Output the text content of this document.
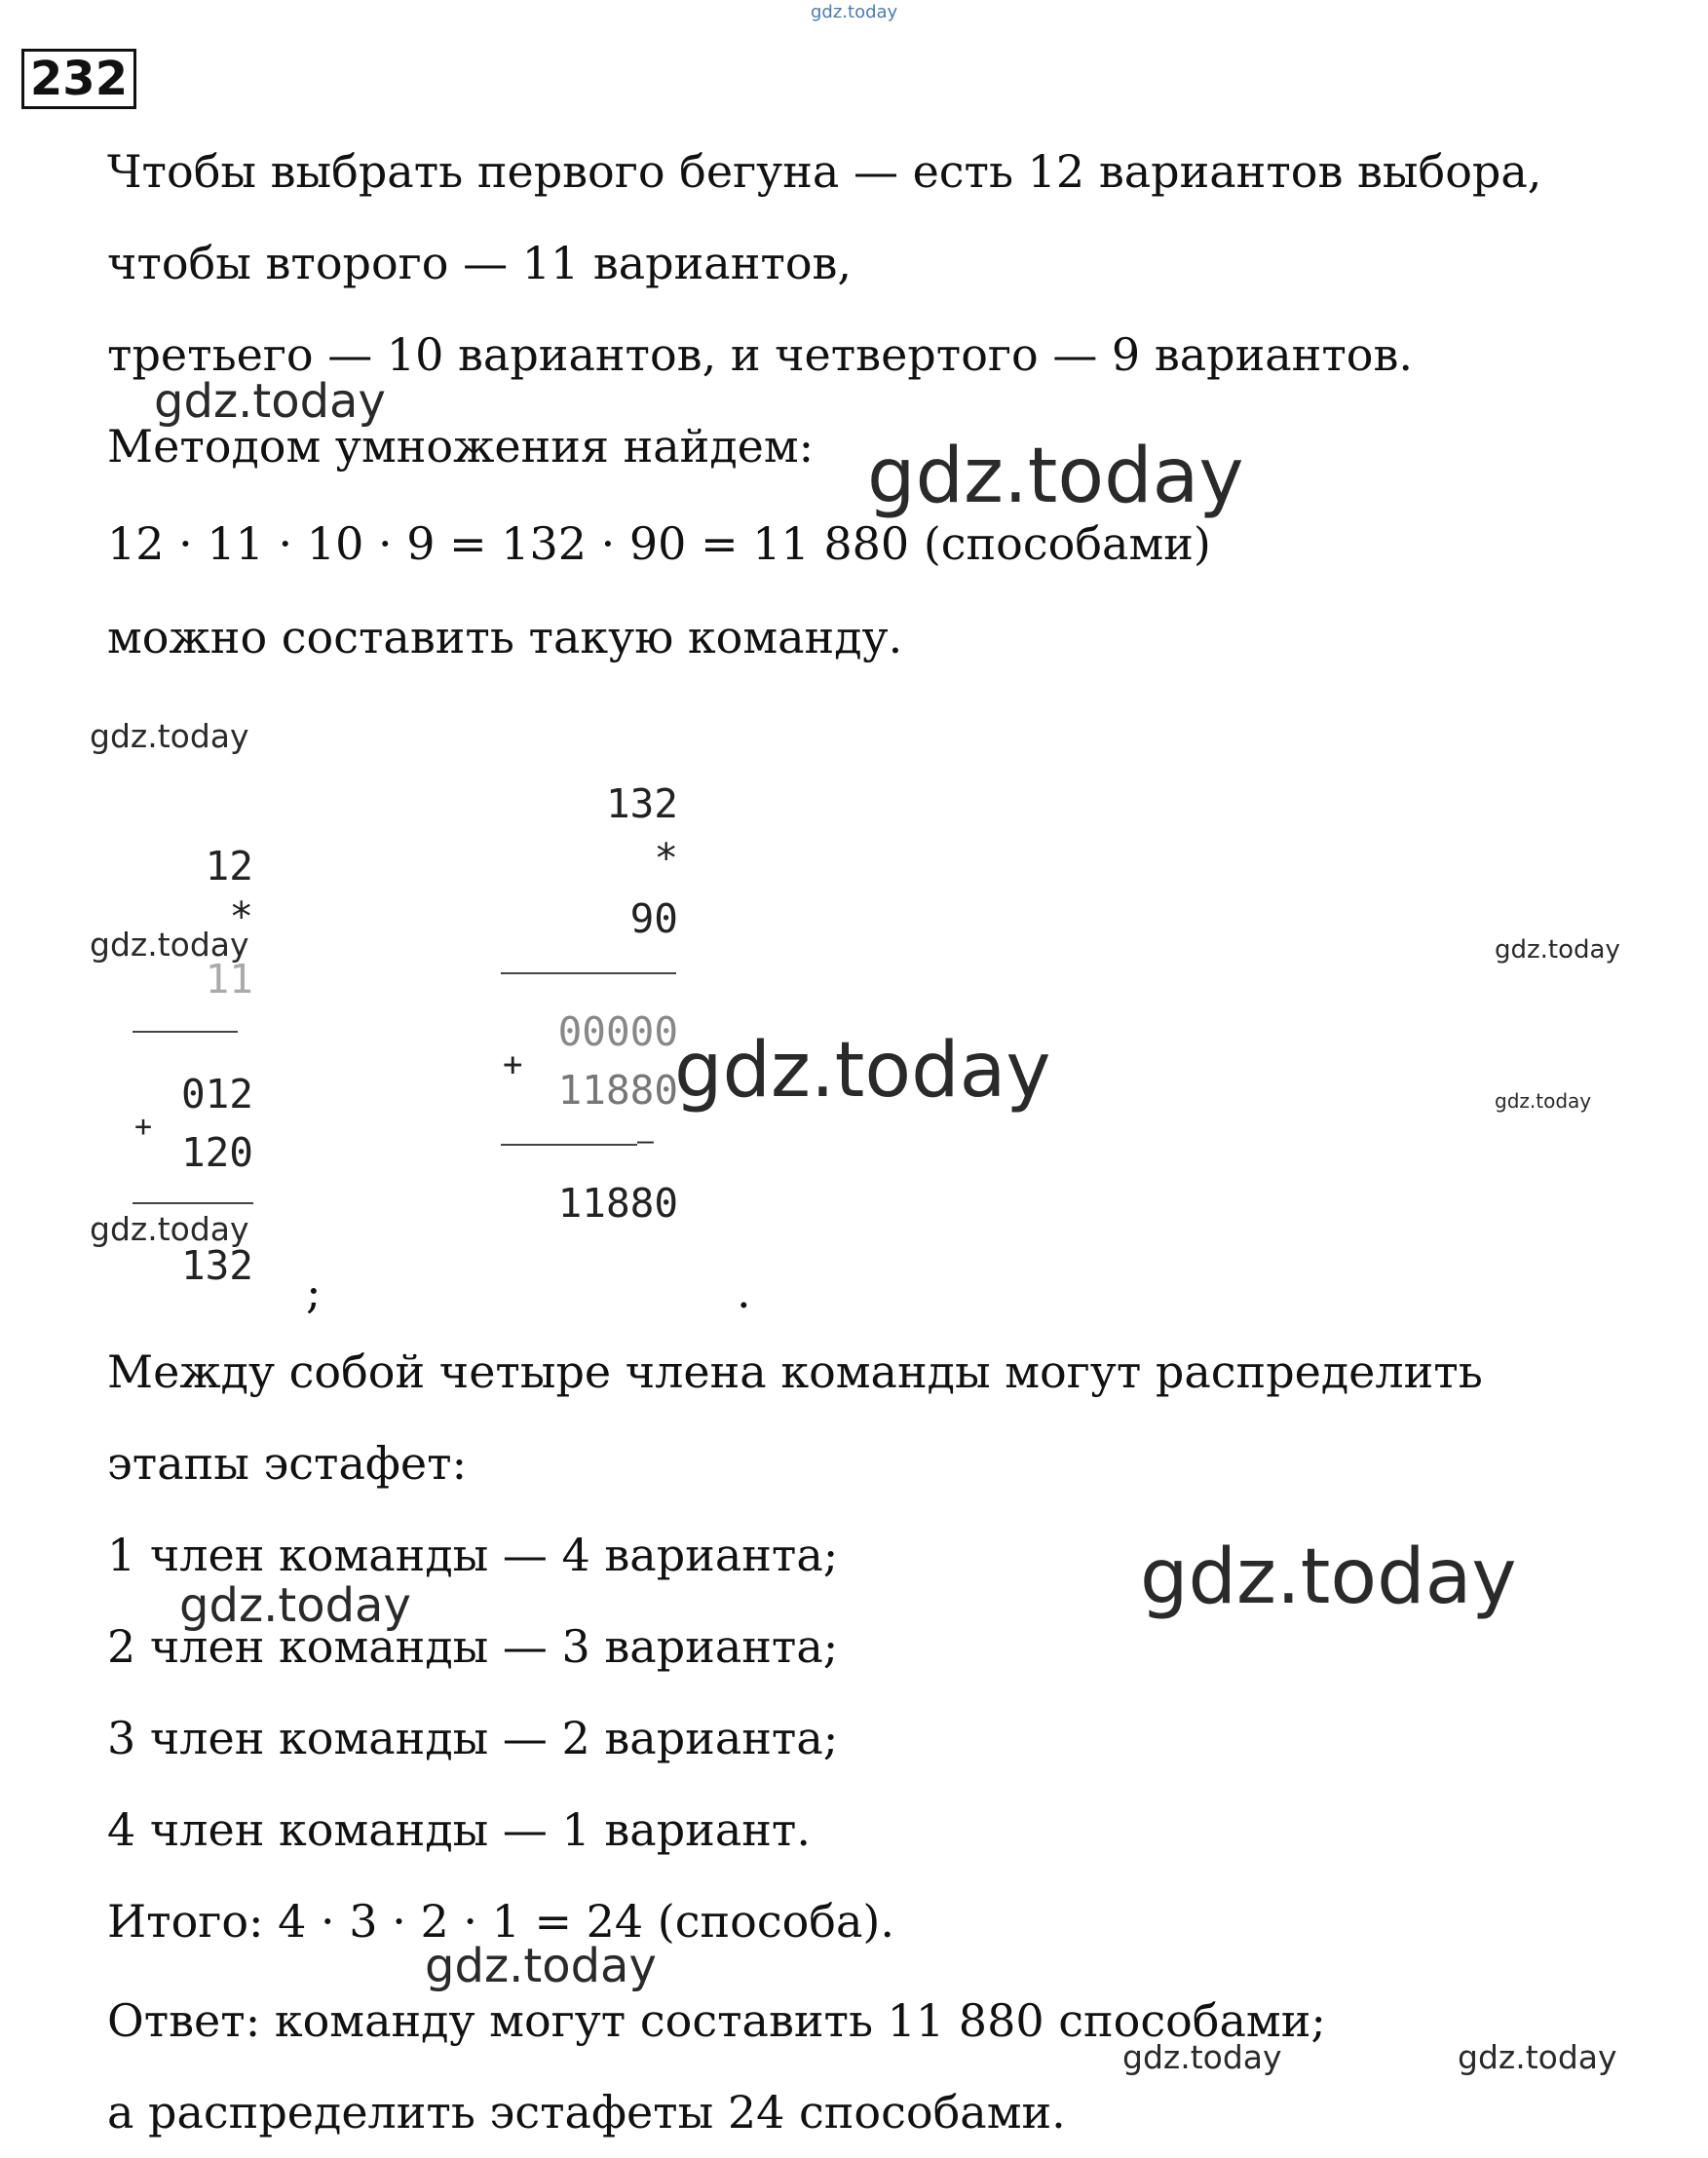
232
Чтобы выбрать первого бегуна — есть 12 вариантов выбора,
чтобы второго — 11 вариантов,
третьего — 10 вариантов, и четвертого — 9 вариантов.
Методом умножения найдем:
12 · 11 · 10 · 9 = 132 · 90 = 11 880 (способами)
можно составить такую команду.
12
*
11
012
+
120
132 ;
132
*
90
00000
+
11880
—
11880
.
Между собой четыре члена команды могут распределить
этапы эстафет:
1 член команды — 4 варианта;
2 член команды — 3 варианта;
3 член команды — 2 варианта;
4 член команды — 1 вариант.
Итого: 4 · 3 · 2 · 1 = 24 (способа).
Ответ: команду могут составить 11 880 способами;
а распределить эстафеты 24 способами.
gdz.today
gdz.today
gdz.today
gdz.today
gdz.today	gdz.today
gdz.today	gdz.today
gdz.today
gdz.today
gdz.today
gdz.today
gdz.today	gdz.today
